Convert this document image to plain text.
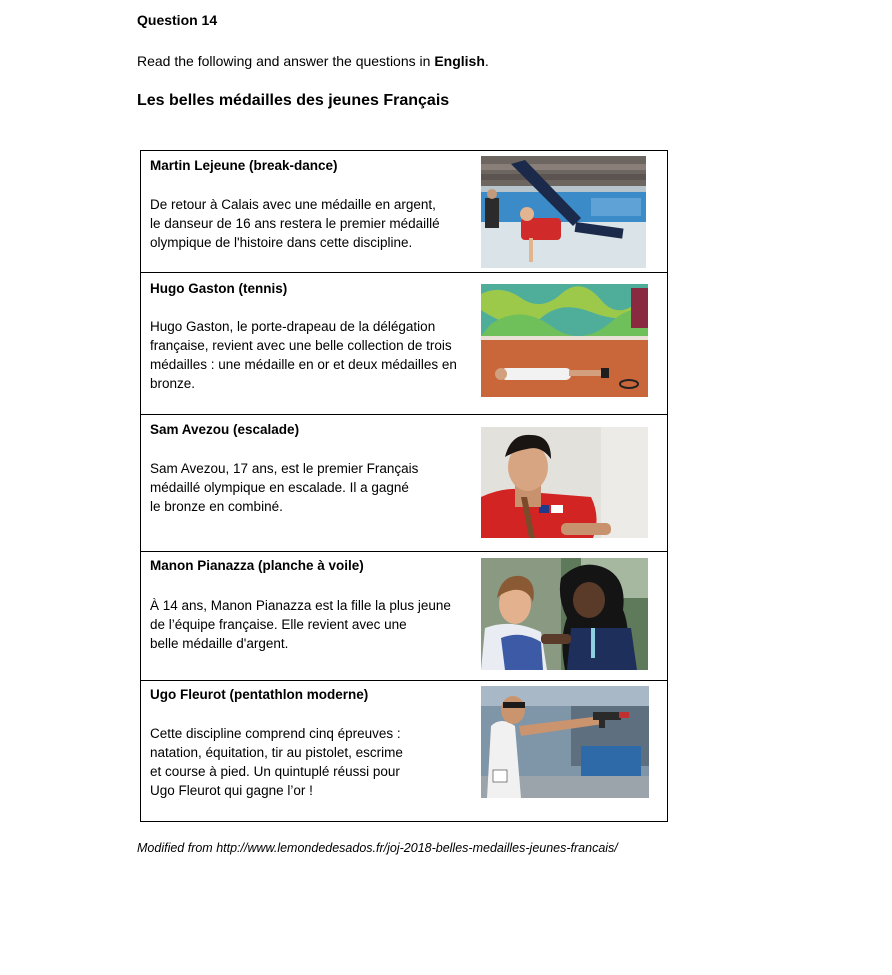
Question 14
Read the following and answer the questions in English.
Les belles médailles des jeunes Français
Martin Lejeune (break-dance)
De retour à Calais avec une médaille en argent,
le danseur de 16 ans restera le premier médaillé
olympique de l'histoire dans cette discipline.
Hugo Gaston (tennis)
Hugo Gaston, le porte-drapeau de la délégation
française, revient avec une belle collection de trois
médailles : une médaille en or et deux médailles en
bronze.
Sam Avezou (escalade)
Sam Avezou, 17 ans, est le premier Français
médaillé olympique en escalade. Il a gagné
le bronze en combiné.
Manon Pianazza (planche à voile)
À 14 ans, Manon Pianazza est la fille la plus jeune
de l’équipe française. Elle revient avec une
belle médaille d'argent.
Ugo Fleurot (pentathlon moderne)
Cette discipline comprend cinq épreuves :
natation, équitation, tir au pistolet, escrime
et course à pied. Un quintuplé réussi pour
Ugo Fleurot qui gagne l’or !
Modified from http://www.lemondedesados.fr/joj-2018-belles-medailles-jeunes-francais/
